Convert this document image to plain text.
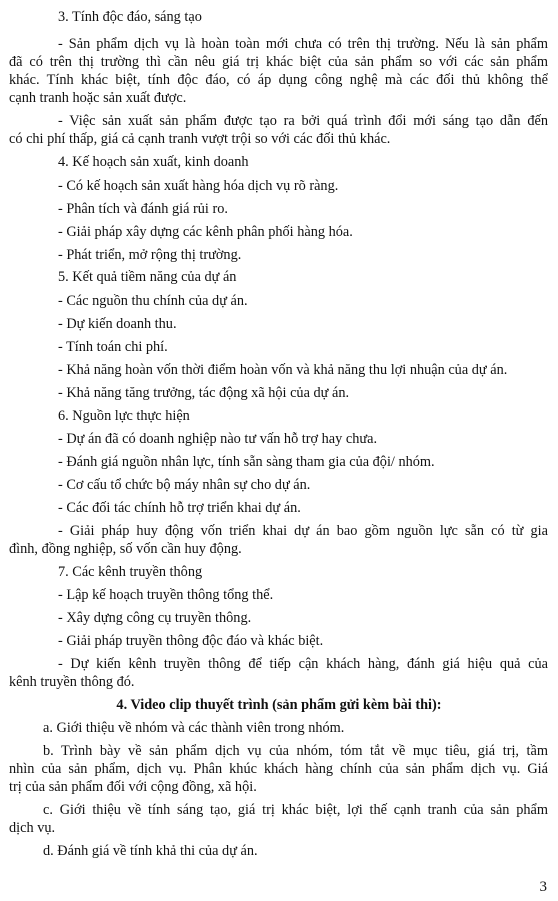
3. Tính độc đáo, sáng tạo
- Sản phẩm dịch vụ là hoàn toàn mới chưa có trên thị trường. Nếu là sản phẩm
đã có trên thị trường thì cần nêu giá trị khác biệt của sản phẩm so với các sản phẩm
khác. Tính khác biệt, tính độc đáo, có áp dụng công nghệ mà các đối thủ không thể
cạnh tranh hoặc sản xuất được.
- Việc sản xuất sản phẩm được tạo ra bởi quá trình đổi mới sáng tạo dẫn đến
có chi phí thấp, giá cả cạnh tranh vượt trội so với các đối thủ khác.
4. Kế hoạch sản xuất, kinh doanh
- Có kế hoạch sản xuất hàng hóa dịch vụ rõ ràng.
- Phân tích và đánh giá rủi ro.
- Giải pháp xây dựng các kênh phân phối hàng hóa.
- Phát triển, mở rộng thị trường.
5. Kết quả tiềm năng của dự án
- Các nguồn thu chính của dự án.
- Dự kiến doanh thu.
- Tính toán chi phí.
- Khả năng hoàn vốn thời điểm hoàn vốn và khả năng thu lợi nhuận của dự án.
- Khả năng tăng trưởng, tác động xã hội của dự án.
6. Nguồn lực thực hiện
- Dự án đã có doanh nghiệp nào tư vấn hỗ trợ hay chưa.
- Đánh giá nguồn nhân lực, tính sẵn sàng tham gia của đội/ nhóm.
- Cơ cấu tổ chức bộ máy nhân sự cho dự án.
- Các đối tác chính hỗ trợ triển khai dự án.
- Giải pháp huy động vốn triển khai dự án bao gồm nguồn lực sẵn có từ gia
đình, đồng nghiệp, số vốn cần huy động.
7. Các kênh truyền thông
- Lập kế hoạch truyền thông tổng thể.
- Xây dựng công cụ truyền thông.
- Giải pháp truyền thông độc đáo và khác biệt.
- Dự kiến kênh truyền thông để tiếp cận khách hàng, đánh giá hiệu quả của
kênh truyền thông đó.
4. Video clip thuyết trình (sản phẩm gửi kèm bài thi):
a. Giới thiệu về nhóm và các thành viên trong nhóm.
b. Trình bày về sản phẩm dịch vụ của nhóm, tóm tắt về mục tiêu, giá trị, tầm
nhìn của sản phẩm, dịch vụ. Phân khúc khách hàng chính của sản phẩm dịch vụ. Giá
trị của sản phẩm đối với cộng đồng, xã hội.
c. Giới thiệu về tính sáng tạo, giá trị khác biệt, lợi thế cạnh tranh của sản phẩm
dịch vụ.
d. Đánh giá về tính khả thi của dự án.
3
